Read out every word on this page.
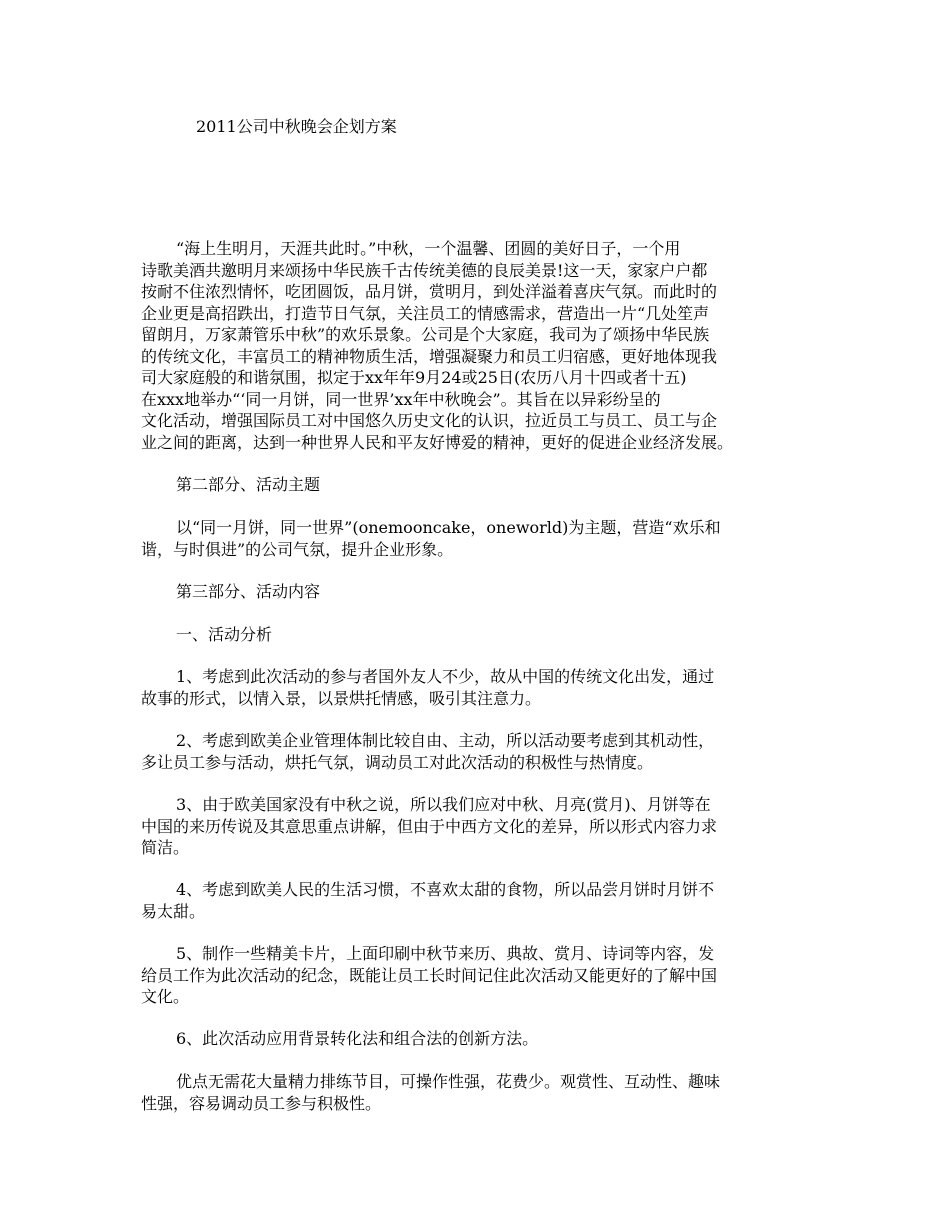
2011公司中秋晚会企划方案
“海上生明月，天涯共此时。”中秋，一个温馨、团圆的美好日子，一个用
诗歌美酒共邀明月来颂扬中华民族千古传统美德的良辰美景!这一天，家家户户都
按耐不住浓烈情怀，吃团圆饭，品月饼，赏明月，到处洋溢着喜庆气氛。而此时的
企业更是高招跌出，打造节日气氛，关注员工的情感需求，营造出一片“几处笙声
留朗月，万家萧管乐中秋”的欢乐景象。公司是个大家庭，我司为了颂扬中华民族
的传统文化，丰富员工的精神物质生活，增强凝聚力和员工归宿感，更好地体现我
司大家庭般的和谐氛围，拟定于xx年年9月24或25日(农历八月十四或者十五)
在xxx地举办“‘同一月饼，同一世界’xx年中秋晚会”。其旨在以异彩纷呈的
文化活动，增强国际员工对中国悠久历史文化的认识，拉近员工与员工、员工与企
业之间的距离，达到一种世界人民和平友好博爱的精神，更好的促进企业经济发展。
第二部分、活动主题
以“同一月饼，同一世界”(onemooncake，oneworld)为主题，营造“欢乐和
谐，与时俱进”的公司气氛，提升企业形象。
第三部分、活动内容
一、活动分析
1、考虑到此次活动的参与者国外友人不少，故从中国的传统文化出发，通过
故事的形式，以情入景，以景烘托情感，吸引其注意力。
2、考虑到欧美企业管理体制比较自由、主动，所以活动要考虑到其机动性，
多让员工参与活动，烘托气氛，调动员工对此次活动的积极性与热情度。
3、由于欧美国家没有中秋之说，所以我们应对中秋、月亮(赏月)、月饼等在
中国的来历传说及其意思重点讲解，但由于中西方文化的差异，所以形式内容力求
简洁。
4、考虑到欧美人民的生活习惯，不喜欢太甜的食物，所以品尝月饼时月饼不
易太甜。
5、制作一些精美卡片，上面印刷中秋节来历、典故、赏月、诗词等内容，发
给员工作为此次活动的纪念，既能让员工长时间记住此次活动又能更好的了解中国
文化。
6、此次活动应用背景转化法和组合法的创新方法。
优点无需花大量精力排练节目，可操作性强，花费少。观赏性、互动性、趣味
性强，容易调动员工参与积极性。
